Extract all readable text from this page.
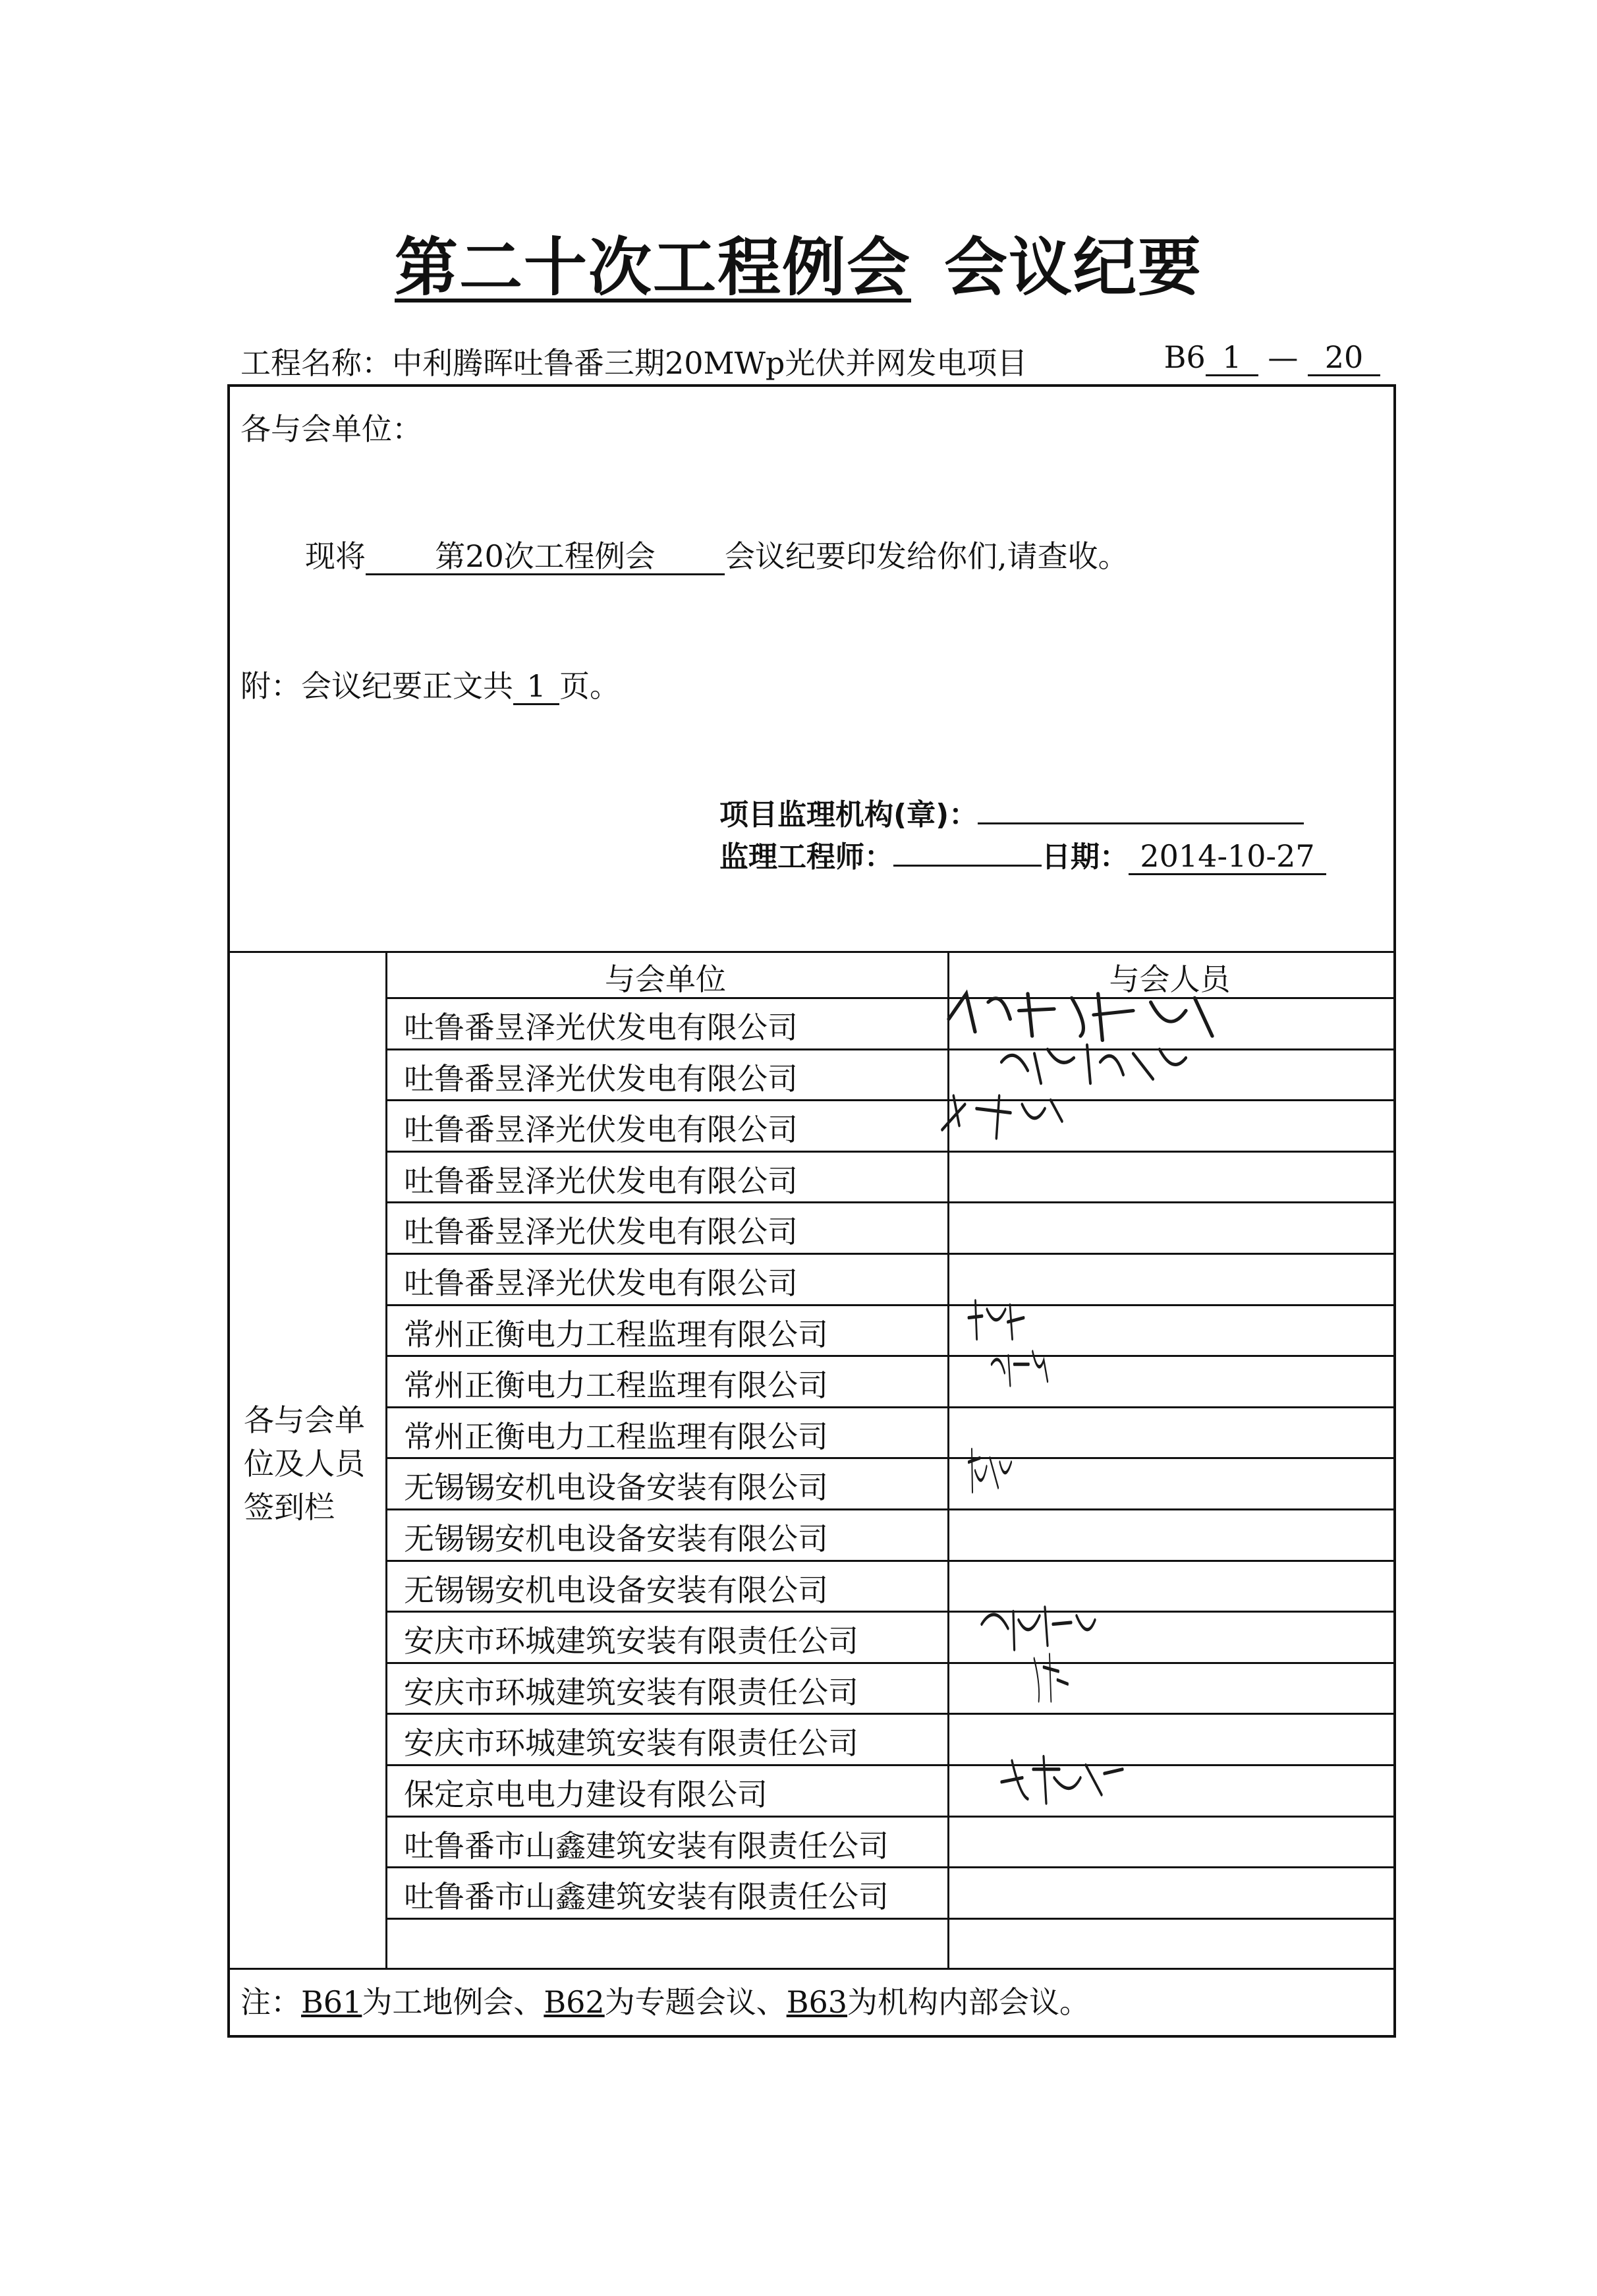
第二十次工程例会 会议纪要
工程名称：中利腾晖吐鲁番三期20MWp光伏并网发电项目	B6 1 — 20
各与会单位：
现将 第20次工程例会 会议纪要印发给你们,请查收。
附：会议纪要正文共 1 页。
项目监理机构(章)：
监理工程师：	日期： 2014-10-27
各与会单
位及人员
签到栏
与会单位	与会人员
吐鲁番昱泽光伏发电有限公司
吐鲁番昱泽光伏发电有限公司
吐鲁番昱泽光伏发电有限公司
吐鲁番昱泽光伏发电有限公司
吐鲁番昱泽光伏发电有限公司
吐鲁番昱泽光伏发电有限公司
常州正衡电力工程监理有限公司
常州正衡电力工程监理有限公司
常州正衡电力工程监理有限公司
无锡锡安机电设备安装有限公司
无锡锡安机电设备安装有限公司
无锡锡安机电设备安装有限公司
安庆市环城建筑安装有限责任公司
安庆市环城建筑安装有限责任公司
安庆市环城建筑安装有限责任公司
保定京电电力建设有限公司
吐鲁番市山鑫建筑安装有限责任公司
吐鲁番市山鑫建筑安装有限责任公司
注：B61为工地例会、B62为专题会议、B63为机构内部会议。
